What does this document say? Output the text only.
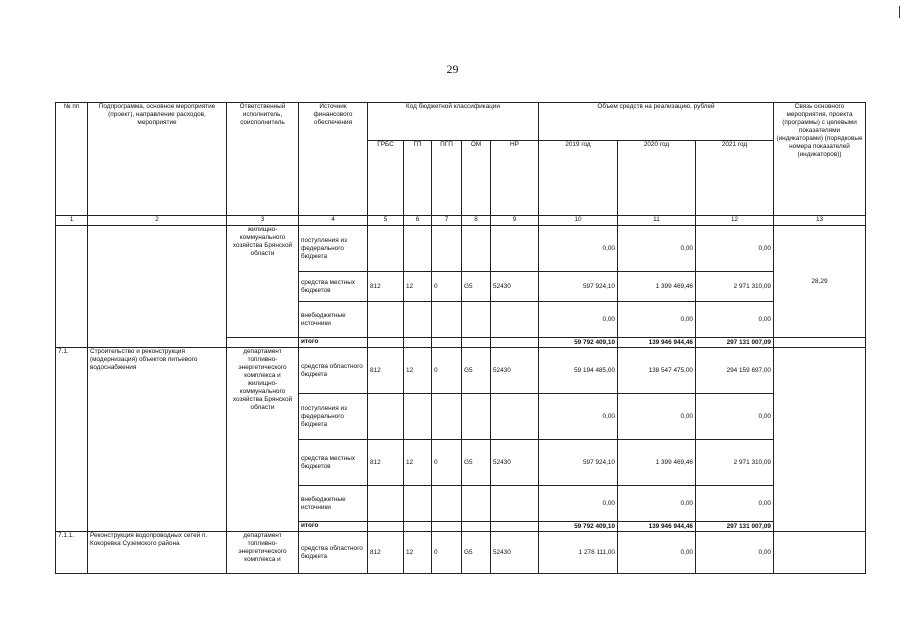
29
№ пп	Подпрограмма, основное мероприятие (проект), направление расходов, мероприятие	Ответственный исполнитель, соисполнитель	Источник финансового обеспечения	Код бюджетной классификации					Объем средств на реализацию, рублей			Связь основного мероприятия, проекта (программы) с целевыми показателями (индикаторами) (порядковые номера показателей (индикаторов))
				ГРБС	ГП	ПГП	ОМ	НР	2019 год	2020 год	2021 год	
1	2	3	4	5	6	7	8	9	10	11	12	13
		жилищно-коммунального хозяйства Брянской области	поступления из федерального бюджета						0,00	0,00	0,00	28,29
			средства местных бюджетов	812	12	0	G5	52430	597 924,10	1 399 469,46	2 971 310,09	
			внебюджетные источники						0,00	0,00	0,00	
			итого						59 792 409,10	139 946 944,46	297 131 007,09	
7.1.	Строительство и реконструкция (модернизация) объектов питьевого водоснабжения	департамент топливно-энергетического комплекса и жилищно-коммунального хозяйства Брянской области	средства областного бюджета	812	12	0	G5	52430	59 194 485,00	138 547 475,00	294 159 697,00	
			поступления из федерального бюджета						0,00	0,00	0,00	
			средства местных бюджетов	812	12	0	G5	52430	597 924,10	1 399 469,46	2 971 310,09	
			внебюджетные источники						0,00	0,00	0,00	
			итого						59 792 409,10	139 946 944,46	297 131 007,09	
7.1.1.	Реконструкция водопроводных сетей п. Кокоревка Суземского района	департамент топливно-энергетического комплекса и	средства областного бюджета	812	12	0	G5	52430	1 278 111,00	0,00	0,00	
